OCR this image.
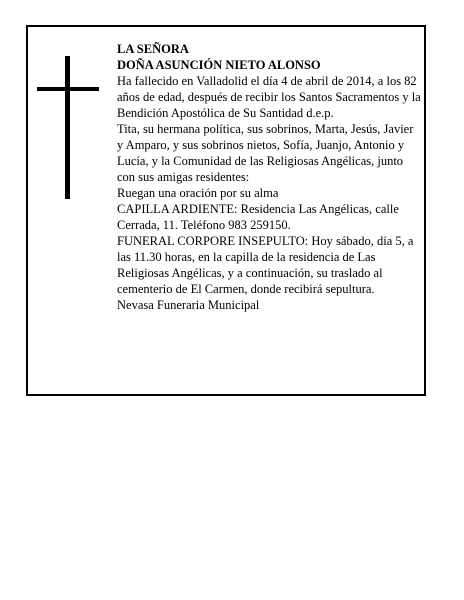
LA SEÑORA

DOÑA ASUNCIÓN NIETO ALONSO

Ha fallecido en Valladolid el día 4 de abril de 2014, a los 82 años de edad, después de recibir los Santos Sacramentos y la Bendición Apostólica de Su Santidad d.e.p.

Tita, su hermana política, sus sobrinos, Marta, Jesús, Javier y Amparo, y sus sobrinos nietos, Sofía, Juanjo, Antonio y Lucía, y la Comunidad de las Religiosas Angélicas, junto con sus amigas residentes:

Ruegan una oración por su alma

CAPILLA ARDIENTE: Residencia Las Angélicas, calle Cerrada, 11. Teléfono 983 259150.

FUNERAL CORPORE INSEPULTO: Hoy sábado, día 5, a las 11.30 horas, en la capilla de la residencia de Las Religiosas Angélicas, y a continuación, su traslado al cementerio de El Carmen, donde recibirá sepultura.

Nevasa Funeraria Municipal
